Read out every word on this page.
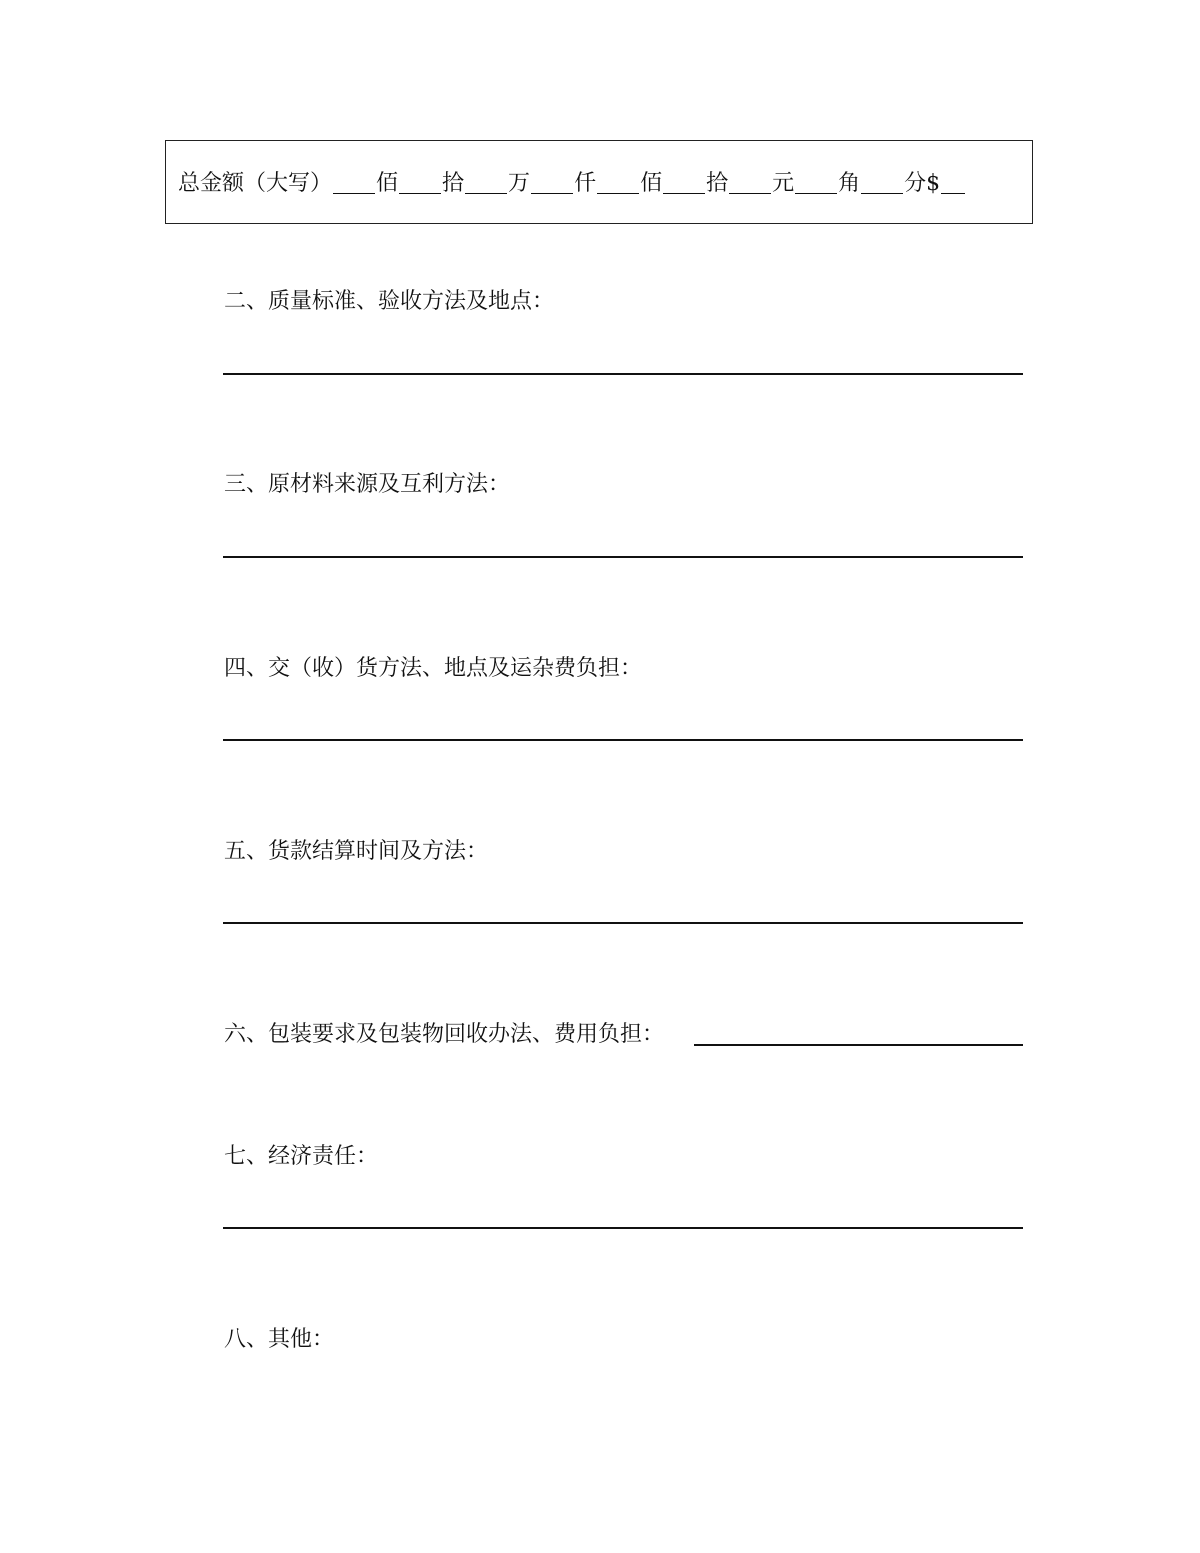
总金额（大写） 佰 拾 万 仟 佰 拾 元 角 分 $
二、质量标准、验收方法及地点：
三、原材料来源及互利方法：
四、交（收）货方法、地点及运杂费负担：
五、货款结算时间及方法：
六、包装要求及包装物回收办法、费用负担：
七、经济责任：
八、其他：
